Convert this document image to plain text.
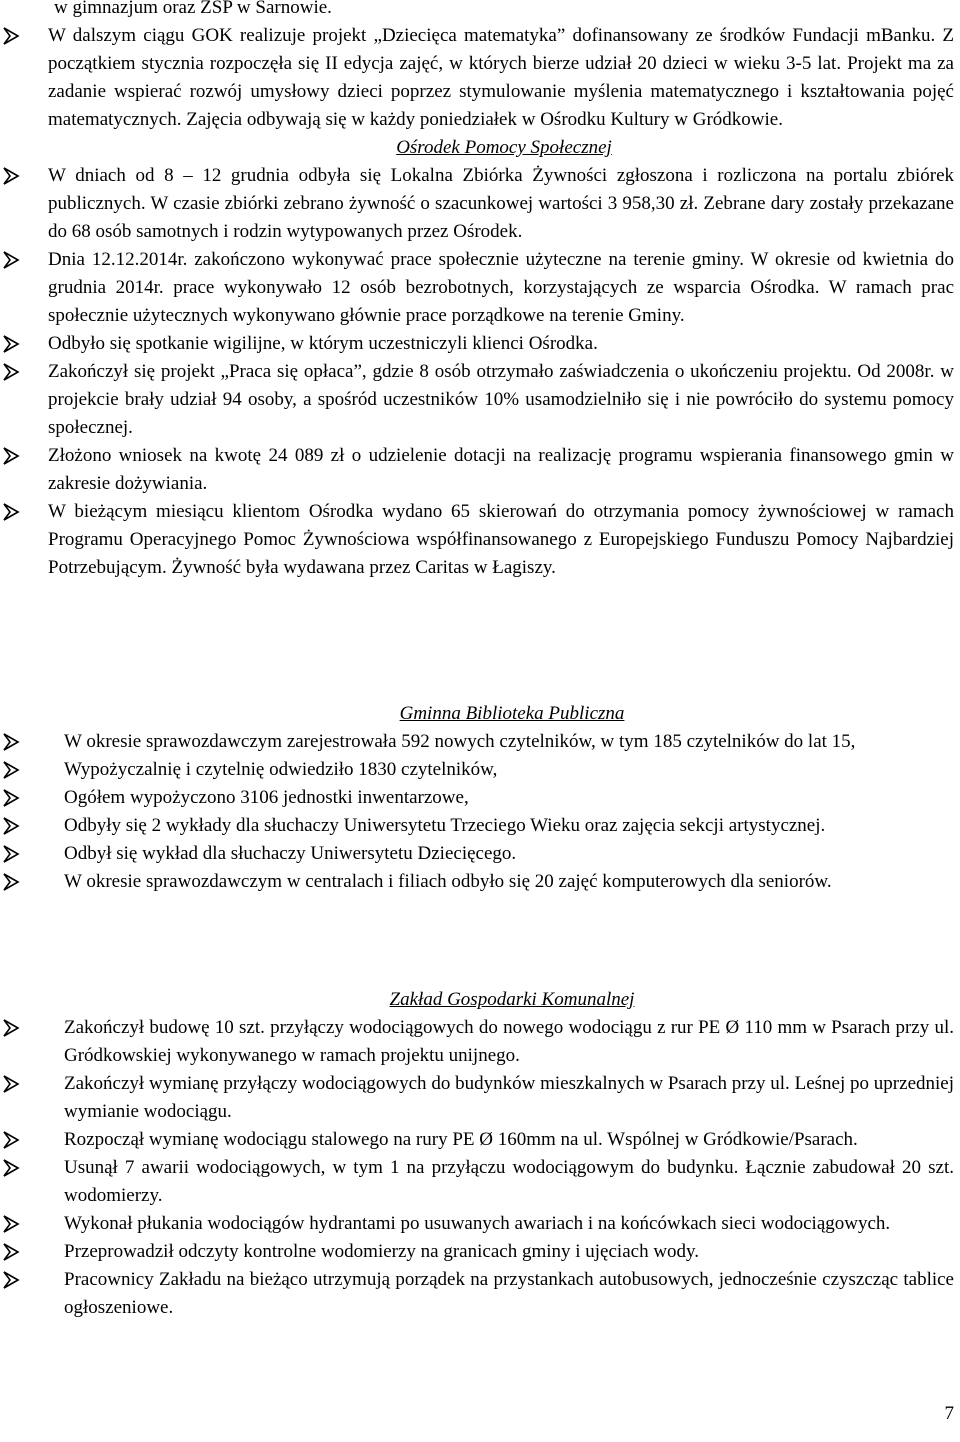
w gimnazjum oraz ZSP w Sarnowie.
W dalszym ciągu GOK realizuje projekt „Dziecięca matematyka” dofinansowany ze środków Fundacji mBanku. Z początkiem stycznia rozpoczęła się II edycja zajęć, w których bierze udział 20 dzieci w wieku 3-5 lat. Projekt ma za zadanie wspierać rozwój umysłowy dzieci poprzez stymulowanie myślenia matematycznego i kształtowania pojęć matematycznych. Zajęcia odbywają się w każdy poniedziałek w Ośrodku Kultury w Gródkowie.
Ośrodek Pomocy Społecznej
W dniach od 8 – 12 grudnia odbyła się Lokalna Zbiórka Żywności zgłoszona i rozliczona na portalu zbiórek publicznych. W czasie zbiórki zebrano żywność o szacunkowej wartości 3 958,30 zł. Zebrane dary zostały przekazane do 68 osób samotnych i rodzin wytypowanych przez Ośrodek.
Dnia 12.12.2014r. zakończono wykonywać prace społecznie użyteczne na terenie gminy. W okresie od kwietnia do grudnia 2014r. prace wykonywało 12 osób bezrobotnych, korzystających ze wsparcia Ośrodka. W ramach prac społecznie użytecznych wykonywano głównie prace porządkowe na terenie Gminy.
Odbyło się spotkanie wigilijne, w którym uczestniczyli klienci Ośrodka.
Zakończył się projekt „Praca się opłaca”, gdzie 8 osób otrzymało zaświadczenia o ukończeniu projektu. Od 2008r. w projekcie brały udział 94 osoby, a spośród uczestników 10% usamodzielniło się i nie powróciło do systemu pomocy społecznej.
Złożono wniosek na kwotę 24 089 zł o udzielenie dotacji na realizację programu wspierania finansowego gmin w zakresie dożywiania.
W bieżącym miesiącu klientom Ośrodka wydano 65 skierowań do otrzymania pomocy żywnościowej w ramach Programu Operacyjnego Pomoc Żywnościowa współfinansowanego z Europejskiego Funduszu Pomocy Najbardziej Potrzebującym. Żywność była wydawana przez Caritas w Łagiszy.
Gminna Biblioteka Publiczna
W okresie sprawozdawczym zarejestrowała 592 nowych czytelników, w tym 185 czytelników do lat 15,
Wypożyczalnię i czytelnię odwiedziło 1830 czytelników,
Ogółem wypożyczono 3106 jednostki inwentarzowe,
Odbyły się 2 wykłady dla słuchaczy Uniwersytetu Trzeciego Wieku oraz zajęcia sekcji artystycznej.
Odbył się wykład dla słuchaczy Uniwersytetu Dziecięcego.
W okresie sprawozdawczym w centralach i filiach odbyło się 20 zajęć komputerowych dla seniorów.
Zakład Gospodarki Komunalnej
Zakończył budowę 10 szt. przyłączy wodociągowych do nowego wodociągu z rur PE Ø 110 mm w Psarach przy ul. Gródkowskiej wykonywanego w ramach projektu unijnego.
Zakończył wymianę przyłączy wodociągowych do budynków mieszkalnych w Psarach przy ul. Leśnej po uprzedniej wymianie wodociągu.
Rozpoczął wymianę wodociągu stalowego na rury PE Ø 160mm na ul. Wspólnej w Gródkowie/Psarach.
Usunął 7 awarii wodociągowych, w tym 1 na przyłączu wodociągowym do budynku. Łącznie zabudował 20 szt. wodomierzy.
Wykonał płukania wodociągów hydrantami po usuwanych awariach i na końcówkach sieci wodociągowych.
Przeprowadził odczyty kontrolne wodomierzy na granicach gminy i ujęciach wody.
Pracownicy Zakładu na bieżąco utrzymują porządek na przystankach autobusowych, jednocześnie czyszcząc tablice ogłoszeniowe.
7
